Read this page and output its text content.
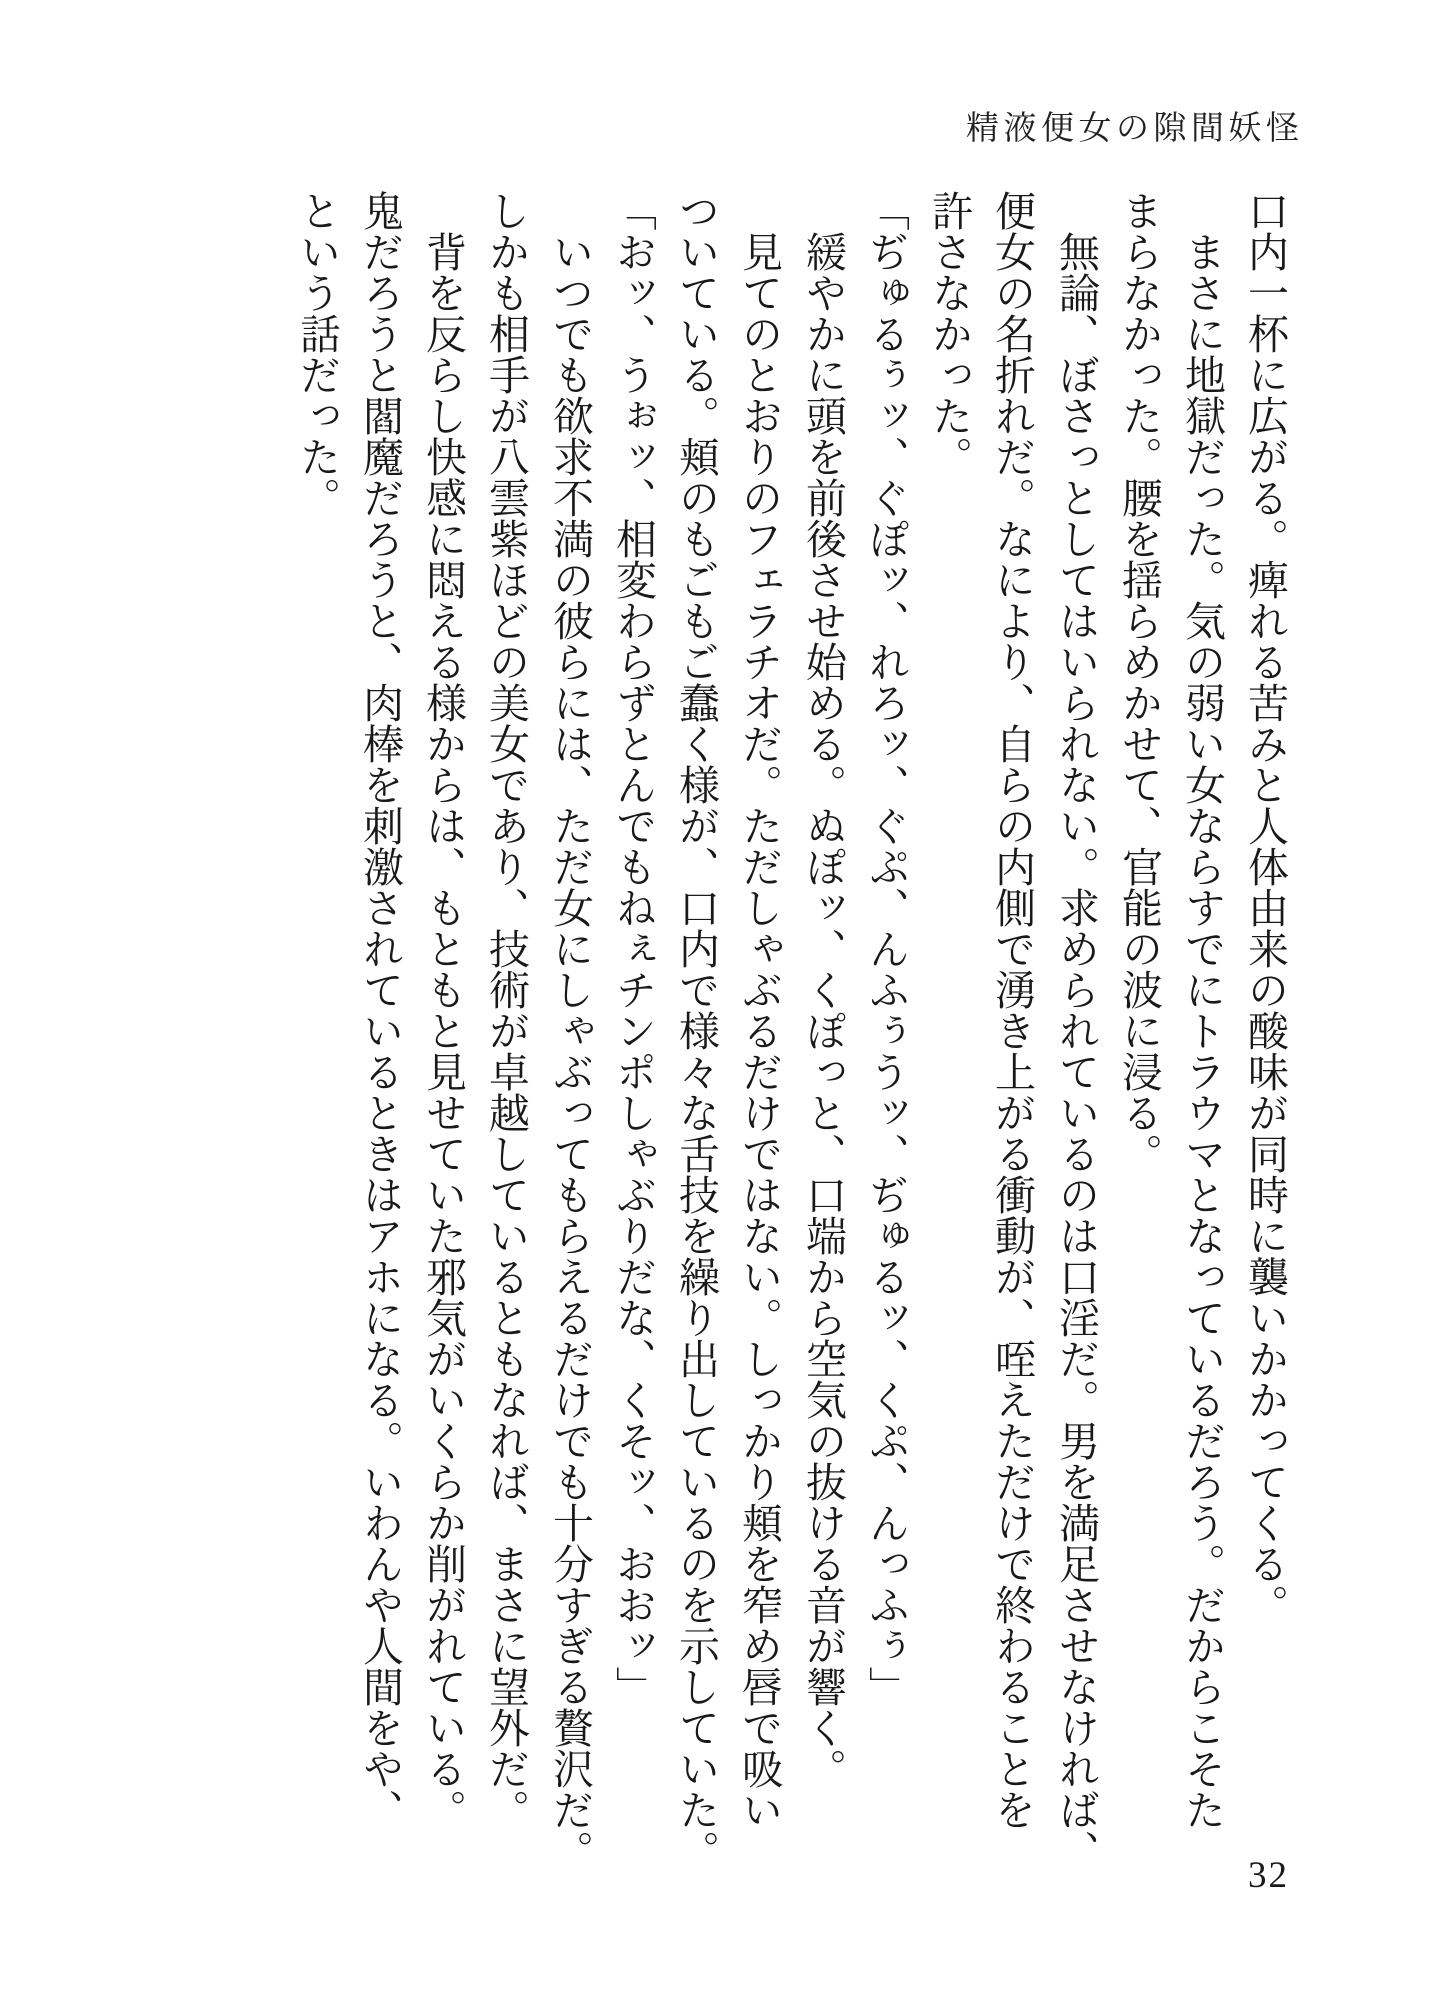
精液便女の隙間妖怪
口内一杯に広がる。痺れる苦みと人体由来の酸味が同時に襲いかかってくる。
まさに地獄だった。気の弱い女ならすでにトラウマとなっているだろう。だからこそた
まらなかった。腰を揺らめかせて、官能の波に浸る。
無論、ぼさっとしてはいられない。求められているのは口淫だ。男を満足させなければ、
便女の名折れだ。なにより、自らの内側で湧き上がる衝動が、咥えただけで終わることを
許さなかった。
「ぢゅるぅッ、ぐぽッ、れろッ、ぐぷ、んふぅうッ、ぢゅるッ、くぷ、んっふぅ」
緩やかに頭を前後させ始める。ぬぽッ、くぽっと、口端から空気の抜ける音が響く。
見てのとおりのフェラチオだ。ただしゃぶるだけではない。しっかり頬を窄め唇で吸い
ついている。頬のもごもご蠢く様が、口内で様々な舌技を繰り出しているのを示していた。
「おッ、うぉッ、相変わらずとんでもねぇチンポしゃぶりだな、くそッ、おおッ」
いつでも欲求不満の彼らには、ただ女にしゃぶってもらえるだけでも十分すぎる贅沢だ。
しかも相手が八雲紫ほどの美女であり、技術が卓越しているともなれば、まさに望外だ。
背を反らし快感に悶える様からは、もともと見せていた邪気がいくらか削がれている。
鬼だろうと閻魔だろうと、肉棒を刺激されているときはアホになる。いわんや人間をや、
という話だった。
32
